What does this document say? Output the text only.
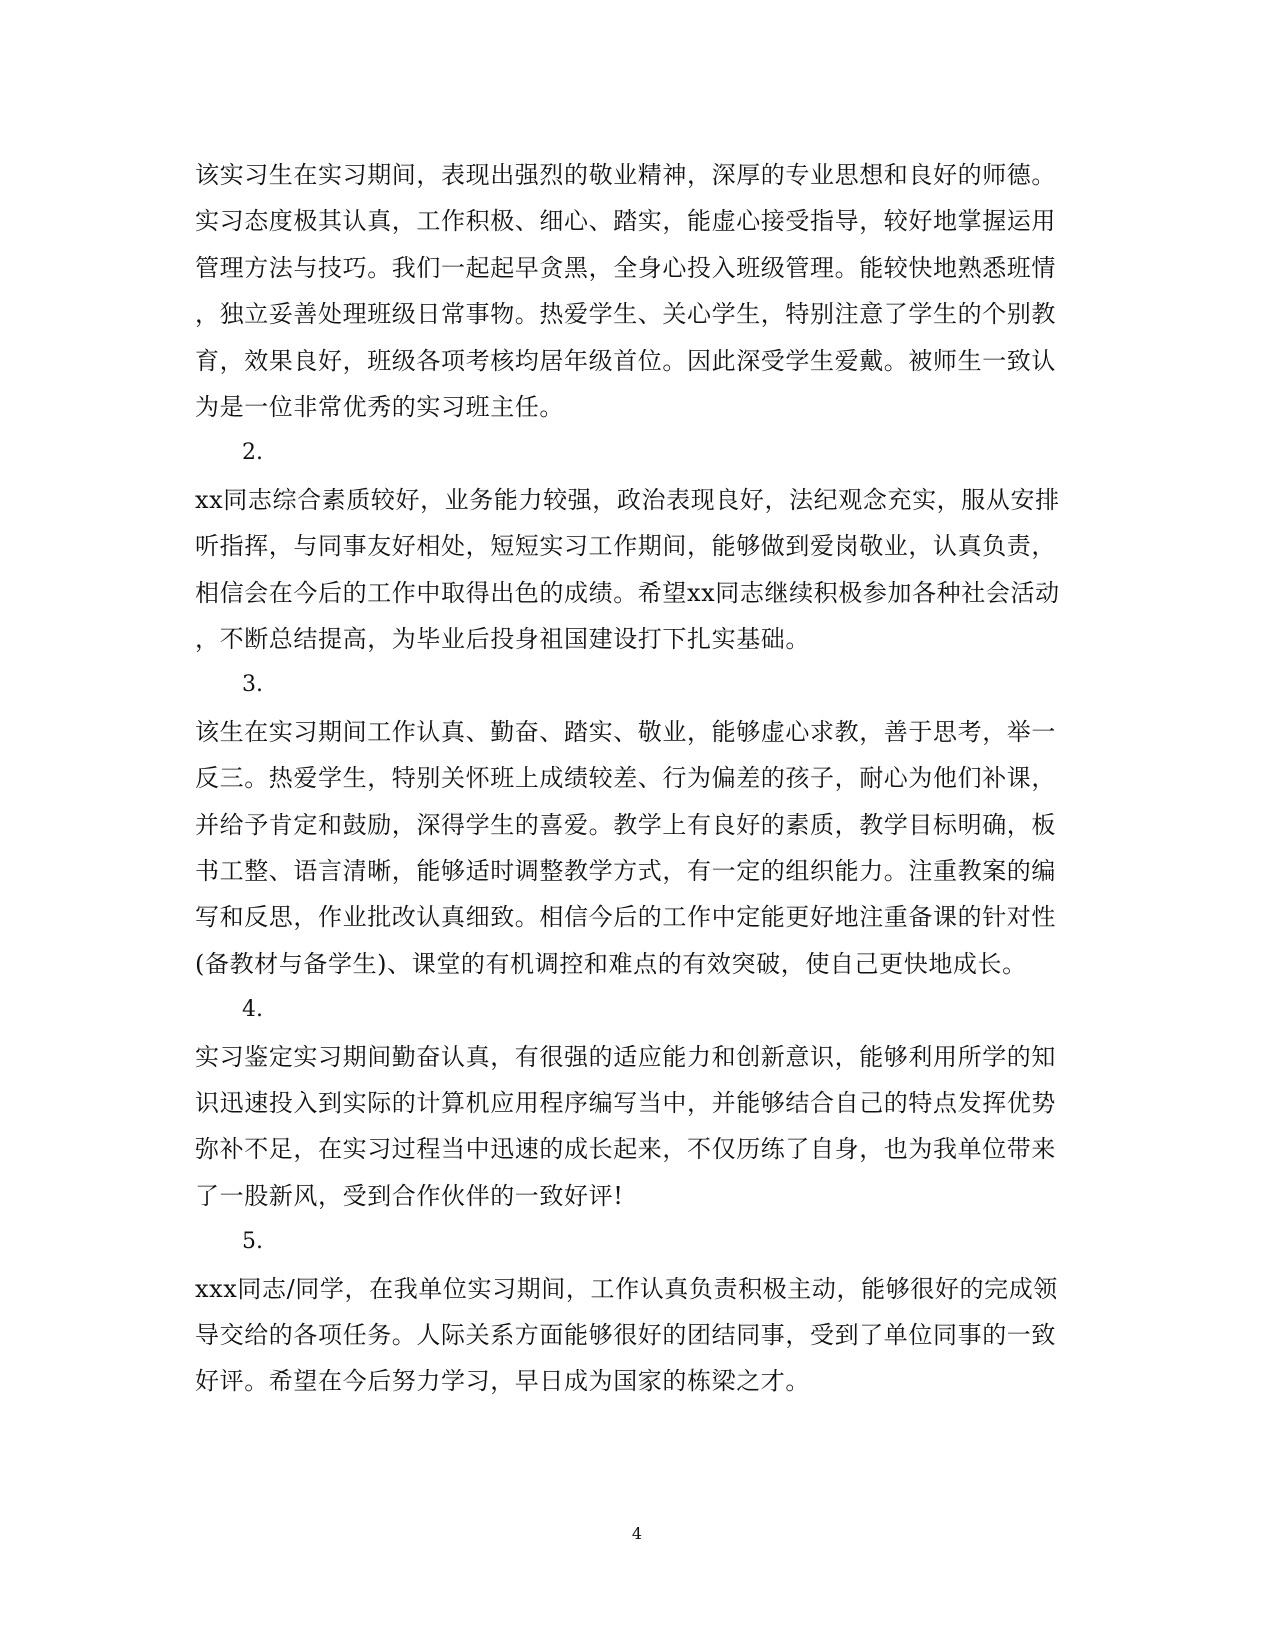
该实习生在实习期间，表现出强烈的敬业精神，深厚的专业思想和良好的师德。
实习态度极其认真，工作积极、细心、踏实，能虚心接受指导，较好地掌握运用
管理方法与技巧。我们一起起早贪黑，全身心投入班级管理。能较快地熟悉班情
，独立妥善处理班级日常事物。热爱学生、关心学生，特别注意了学生的个别教
育，效果良好，班级各项考核均居年级首位。因此深受学生爱戴。被师生一致认
为是一位非常优秀的实习班主任。
2.
xx同志综合素质较好，业务能力较强，政治表现良好，法纪观念充实，服从安排
听指挥，与同事友好相处，短短实习工作期间，能够做到爱岗敬业，认真负责，
相信会在今后的工作中取得出色的成绩。希望xx同志继续积极参加各种社会活动
，不断总结提高，为毕业后投身祖国建设打下扎实基础。
3.
该生在实习期间工作认真、勤奋、踏实、敬业，能够虚心求教，善于思考，举一
反三。热爱学生，特别关怀班上成绩较差、行为偏差的孩子，耐心为他们补课，
并给予肯定和鼓励，深得学生的喜爱。教学上有良好的素质，教学目标明确，板
书工整、语言清晰，能够适时调整教学方式，有一定的组织能力。注重教案的编
写和反思，作业批改认真细致。相信今后的工作中定能更好地注重备课的针对性
(备教材与备学生)、课堂的有机调控和难点的有效突破，使自己更快地成长。
4.
实习鉴定实习期间勤奋认真，有很强的适应能力和创新意识，能够利用所学的知
识迅速投入到实际的计算机应用程序编写当中，并能够结合自己的特点发挥优势
弥补不足，在实习过程当中迅速的成长起来，不仅历练了自身，也为我单位带来
了一股新风，受到合作伙伴的一致好评!
5.
xxx同志/同学，在我单位实习期间，工作认真负责积极主动，能够很好的完成领
导交给的各项任务。人际关系方面能够很好的团结同事，受到了单位同事的一致
好评。希望在今后努力学习，早日成为国家的栋梁之才。
4
